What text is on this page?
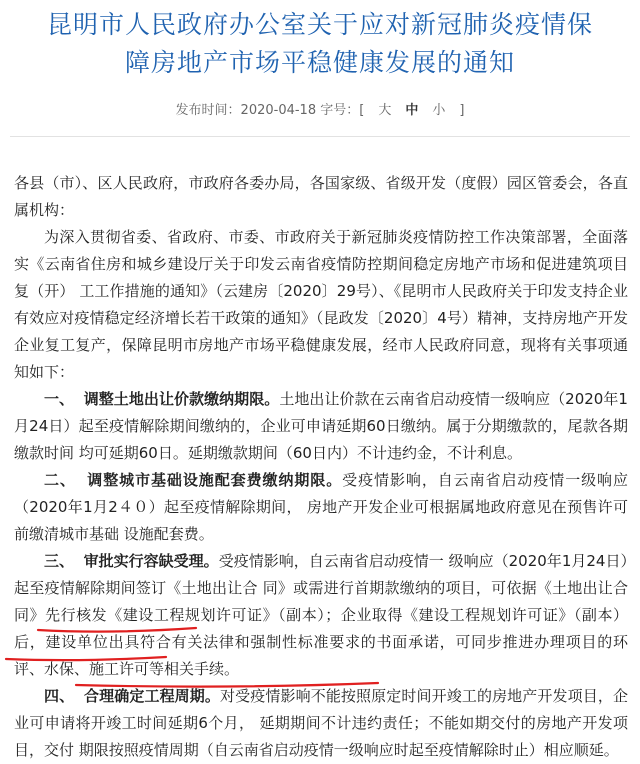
昆明市人民政府办公室关于应对新冠肺炎疫情保
障房地产市场平稳健康发展的通知
发布时间：2020-04-18 字号：[ 大 中 小 ]

各县（市）、区人民政府，市政府各委办局，各国家级、省级开发（度假）园区管委会，各直属机构：

为深入贯彻省委、省政府、市委、市政府关于新冠肺炎疫情防控工作决策部署，全面落实《云南省住房和城乡建设厅关于印发云南省疫情防控期间稳定房地产市场和促进建筑项目复（开） 工工作措施的通知》（云建房〔2020〕29号）、《昆明市人民政府关于印发支持企业有效应对疫情稳定经济增长若干政策的通知》（昆政发〔2020〕4号）精神，支持房地产开发企业复工复产，保障昆明市房地产市场平稳健康发展，经市人民政府同意，现将有关事项通知如下：

一、 调整土地出让价款缴纳期限。土地出让价款在云南省启动疫情一级响应（2020年1月24日）起至疫情解除期间缴纳的，企业可申请延期60日缴纳。属于分期缴款的，尾款各期缴款时间 均可延期60日。延期缴款期间（60日内）不计违约金，不计利息。

二、 调整城市基础设施配套费缴纳期限。受疫情影响，自云南省启动疫情一级响应（2020年1月2４０）起至疫情解除期间， 房地产开发企业可根据属地政府意见在预售许可前缴清城市基础 设施配套费。

三、 审批实行容缺受理。受疫情影响，自云南省启动疫情一 级响应（2020年1月24日）起至疫情解除期间签订《土地出让合 同》或需进行首期款缴纳的项目，可依据《土地出让合同》先行核发《建设工程规划许可证》（副本）；企业取得《建设工程规划许可证》（副本）后，建设单位出具符合有关法律和强制性标准要求的书面承诺，可同步推进办理项目的环评、水保、施工许可等相关手续。

四、 合理确定工程周期。对受疫情影响不能按照原定时间开竣工的房地产开发项目，企业可申请将开竣工时间延期6个月， 延期期间不计违约责任；不能如期交付的房地产开发项目，交付 期限按照疫情周期（自云南省启动疫情一级响应时起至疫情解除时止）相应顺延。
